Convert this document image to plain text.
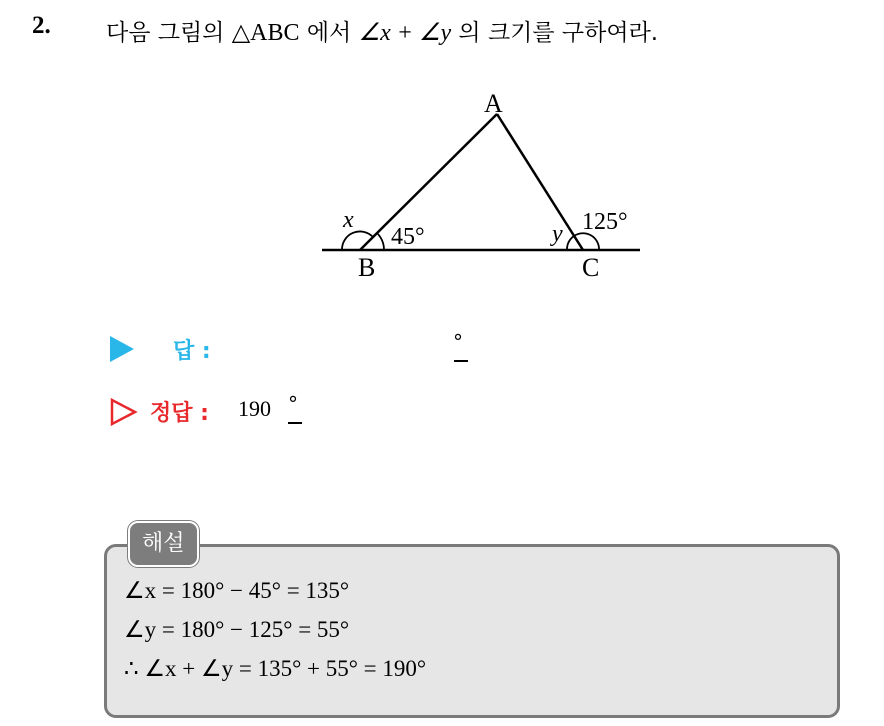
2. 다음 그림의 △ABC 에서 ∠x + ∠y 의 크기를 구하여라.
A
B	C
x
y
45°
125°
답 :	°
정답 : 190 °
해설
∠x = 180° − 45° = 135°
∠y = 180° − 125° = 55°
∴ ∠x + ∠y = 135° + 55° = 190°
